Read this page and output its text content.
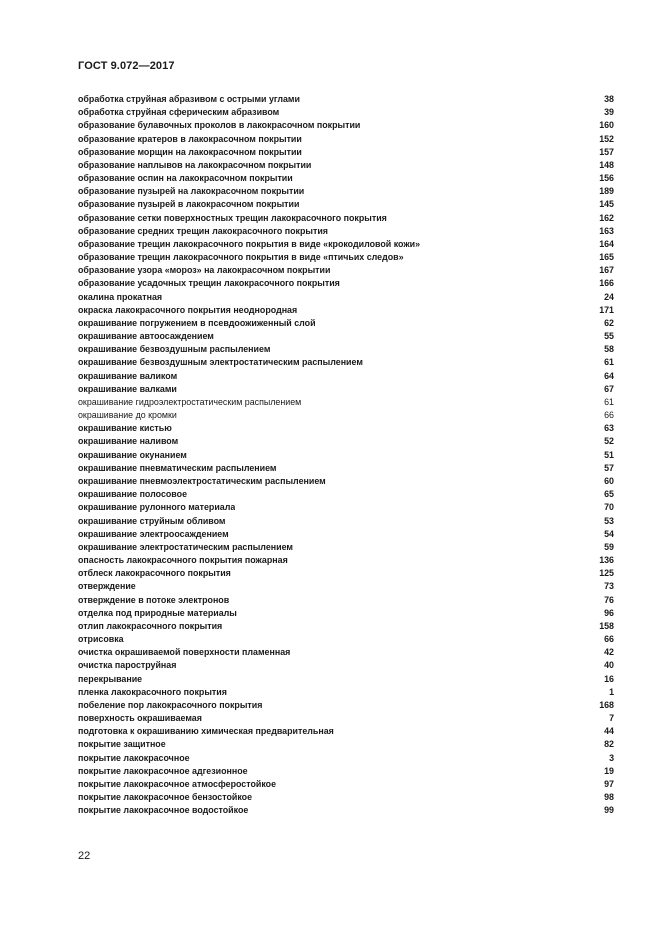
ГОСТ 9.072—2017
обработка струйная абразивом с острыми углами	38
обработка струйная сферическим абразивом	39
образование булавочных проколов в лакокрасочном покрытии	160
образование кратеров в лакокрасочном покрытии	152
образование морщин на лакокрасочном покрытии	157
образование наплывов на лакокрасочном покрытии	148
образование оспин на лакокрасочном покрытии	156
образование пузырей на лакокрасочном покрытии	189
образование пузырей в лакокрасочном покрытии	145
образование сетки поверхностных трещин лакокрасочного покрытия	162
образование средних трещин лакокрасочного покрытия	163
образование трещин лакокрасочного покрытия в виде «крокодиловой кожи»	164
образование трещин лакокрасочного покрытия в виде «птичьих следов»	165
образование узора «мороз» на лакокрасочном покрытии	167
образование усадочных трещин лакокрасочного покрытия	166
окалина прокатная	24
окраска лакокрасочного покрытия неоднородная	171
окрашивание погружением в псевдоожиженный слой	62
окрашивание автоосаждением	55
окрашивание безвоздушным распылением	58
окрашивание безвоздушным электростатическим распылением	61
окрашивание валиком	64
окрашивание валками	67
окрашивание гидроэлектростатическим распылением	61
окрашивание до кромки	66
окрашивание кистью	63
окрашивание наливом	52
окрашивание окунанием	51
окрашивание пневматическим распылением	57
окрашивание пневмоэлектростатическим распылением	60
окрашивание полосовое	65
окрашивание рулонного материала	70
окрашивание струйным обливом	53
окрашивание электроосаждением	54
окрашивание электростатическим распылением	59
опасность лакокрасочного покрытия пожарная	136
отблеск лакокрасочного покрытия	125
отверждение	73
отверждение в потоке электронов	76
отделка под природные материалы	96
отлип лакокрасочного покрытия	158
отрисовка	66
очистка окрашиваемой поверхности пламенная	42
очистка пароструйная	40
перекрывание	16
пленка лакокрасочного покрытия	1
побеление пор лакокрасочного покрытия	168
поверхность окрашиваемая	7
подготовка к окрашиванию химическая предварительная	44
покрытие защитное	82
покрытие лакокрасочное	3
покрытие лакокрасочное адгезионное	19
покрытие лакокрасочное атмосферостойкое	97
покрытие лакокрасочное бензостойкое	98
покрытие лакокрасочное водостойкое	99
22
